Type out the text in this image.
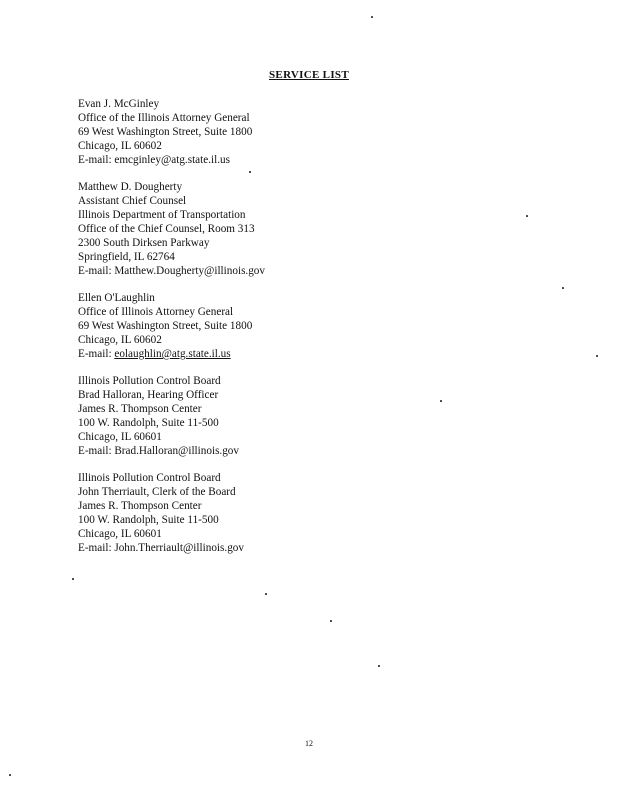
SERVICE LIST
Evan J. McGinley
Office of the Illinois Attorney General
69 West Washington Street, Suite 1800
Chicago, IL 60602
E-mail: emcginley@atg.state.il.us
Matthew D. Dougherty
Assistant Chief Counsel
Illinois Department of Transportation
Office of the Chief Counsel, Room 313
2300 South Dirksen Parkway
Springfield, IL 62764
E-mail: Matthew.Dougherty@illinois.gov
Ellen O'Laughlin
Office of Illinois Attorney General
69 West Washington Street, Suite 1800
Chicago, IL 60602
E-mail: eolaughlin@atg.state.il.us
Illinois Pollution Control Board
Brad Halloran, Hearing Officer
James R. Thompson Center
100 W. Randolph, Suite 11-500
Chicago, IL 60601
E-mail: Brad.Halloran@illinois.gov
Illinois Pollution Control Board
John Therriault, Clerk of the Board
James R. Thompson Center
100 W. Randolph, Suite 11-500
Chicago, IL 60601
E-mail: John.Therriault@illinois.gov
12
